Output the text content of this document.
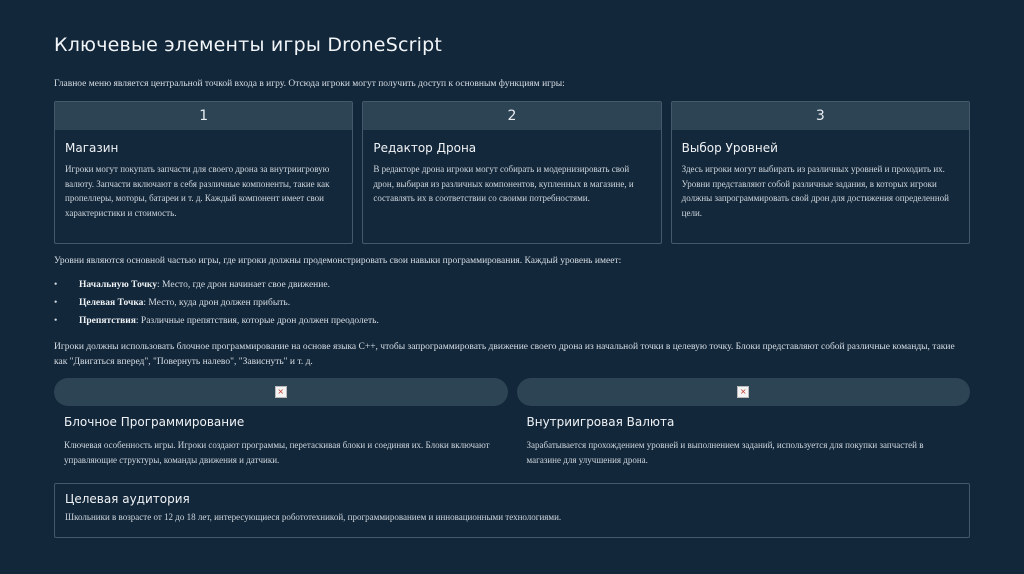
Ключевые элементы игры DroneScript
Главное меню является центральной точкой входа в игру. Отсюда игроки могут получить доступ к основным функциям игры:
1
Магазин
Игроки могут покупать запчасти для своего дрона за внутриигровую валюту. Запчасти включают в себя различные компоненты, такие как пропеллеры, моторы, батареи и т. д. Каждый компонент имеет свои характеристики и стоимость.
2
Редактор Дрона
В редакторе дрона игроки могут собирать и модернизировать свой дрон, выбирая из различных компонентов, купленных в магазине, и составлять их в соответствии со своими потребностями.
3
Выбор Уровней
Здесь игроки могут выбирать из различных уровней и проходить их. Уровни представляют собой различные задания, в которых игроки должны запрограммировать свой дрон для достижения определенной цели.
Уровни являются основной частью игры, где игроки должны продемонстрировать свои навыки программирования. Каждый уровень имеет:
• Начальную Точку: Место, где дрон начинает свое движение.
• Целевая Точка: Место, куда дрон должен прибыть.
• Препятствия: Различные препятствия, которые дрон должен преодолеть.
Игроки должны использовать блочное программирование на основе языка C++, чтобы запрограммировать движение своего дрона из начальной точки в целевую точку. Блоки представляют собой различные команды, такие как "Двигаться вперед", "Повернуть налево", "Зависнуть" и т. д.
×
Блочное Программирование
Ключевая особенность игры. Игроки создают программы, перетаскивая блоки и соединяя их. Блоки включают управляющие структуры, команды движения и датчики.
×
Внутриигровая Валюта
Зарабатывается прохождением уровней и выполнением заданий, используется для покупки запчастей в магазине для улучшения дрона.
Целевая аудитория
Школьники в возрасте от 12 до 18 лет, интересующиеся робототехникой, программированием и инновационными технологиями.
